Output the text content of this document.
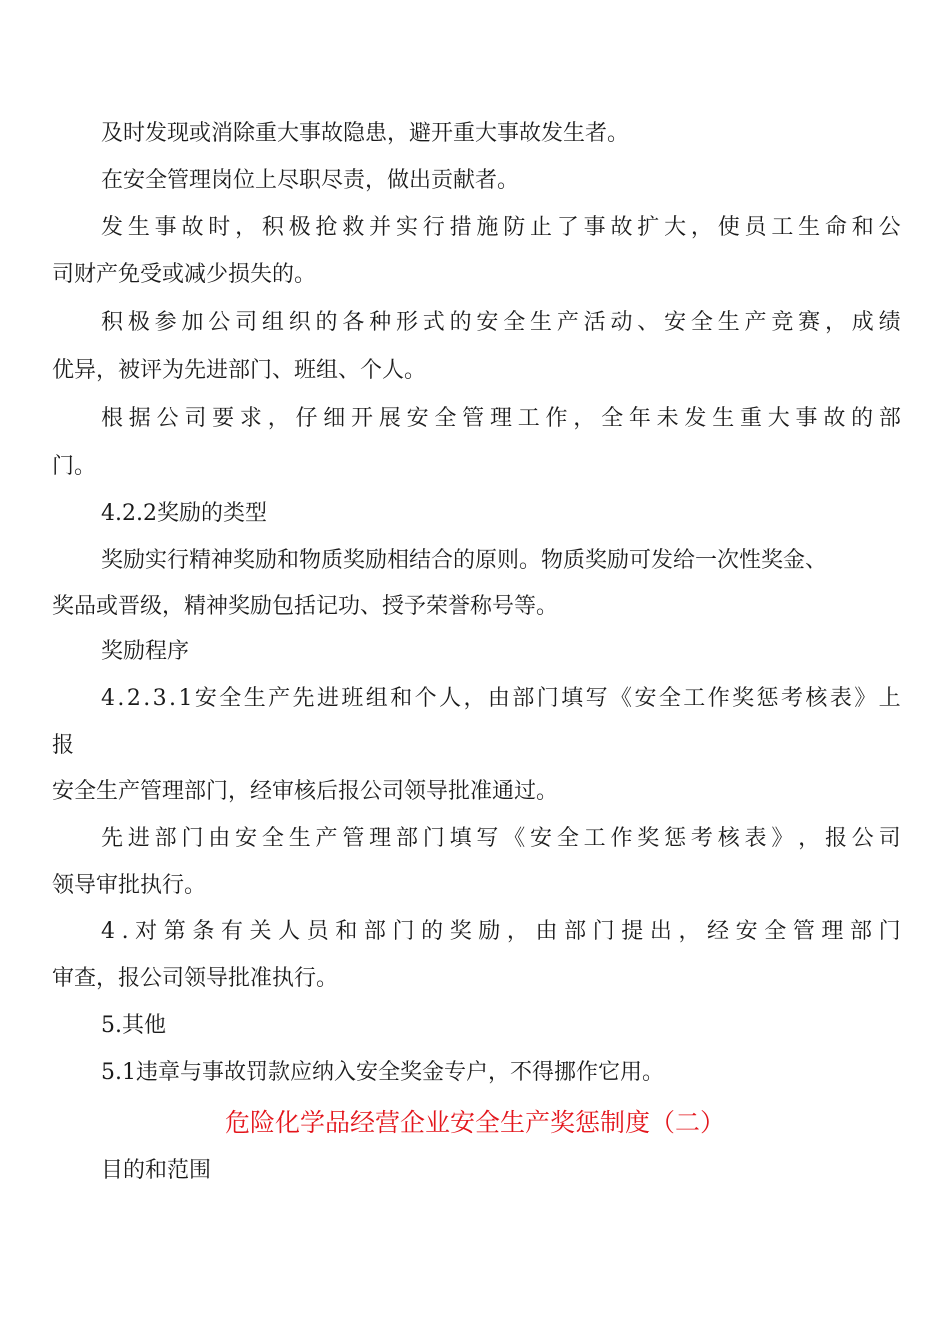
及时发现或消除重大事故隐患，避开重大事故发生者。
在安全管理岗位上尽职尽责，做出贡献者。
发 生 事 故 时 ， 积 极 抢 救 并 实 行 措 施 防 止 了 事 故 扩 大 ， 使 员 工 生 命 和 公
司财产免受或减少损失的。
积 极 参 加 公 司 组 织 的 各 种 形 式 的 安 全 生 产 活 动 、 安 全 生 产 竞 赛 ， 成 绩
优异，被评为先进部门、班组、个人。
根 据 公 司 要 求 ， 仔 细 开 展 安 全 管 理 工 作 ， 全 年 未 发 生 重 大 事 故 的 部
门。
4.2.2奖励的类型
奖励实行精神奖励和物质奖励相结合的原则。物质奖励可发给一次性奖金、
奖品或晋级，精神奖励包括记功、授予荣誉称号等。
奖励程序
4 . 2 . 3 . 1 安 全 生 产 先 进 班 组 和 个 人 ， 由 部 门 填 写 《 安 全 工 作 奖 惩 考 核 表 》 上
报
安全生产管理部门，经审核后报公司领导批准通过。
先 进 部 门 由 安 全 生 产 管 理 部 门 填 写 《 安 全 工 作 奖 惩 考 核 表 》 ， 报 公 司
领导审批执行。
4 . 对 第 条 有 关 人 员 和 部 门 的 奖 励 ， 由 部 门 提 出 ， 经 安 全 管 理 部 门
审查，报公司领导批准执行。
5.其他
5.1违章与事故罚款应纳入安全奖金专户，不得挪作它用。
危险化学品经营企业安全生产奖惩制度（二）
目的和范围
